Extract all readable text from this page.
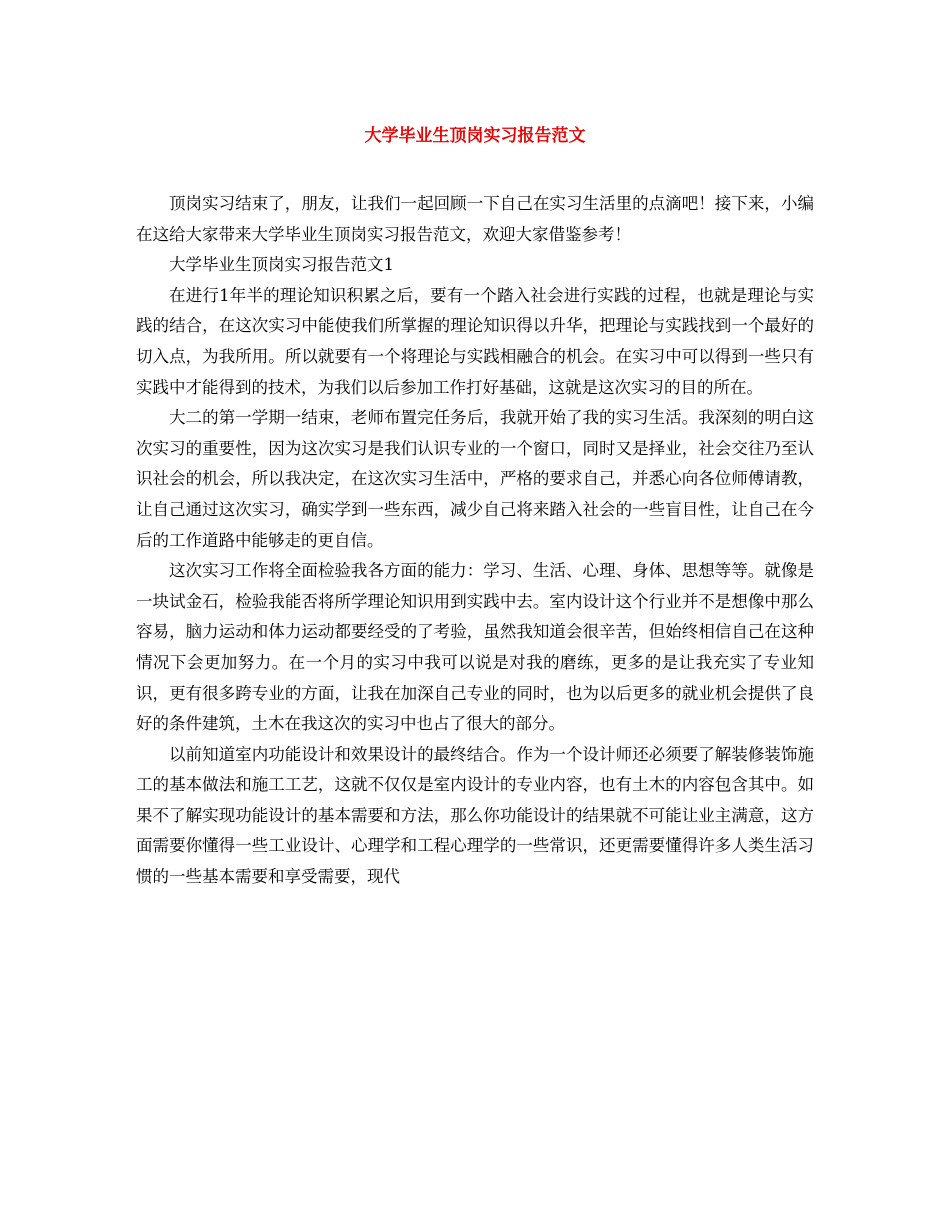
大学毕业生顶岗实习报告范文

顶岗实习结束了，朋友，让我们一起回顾一下自己在实习生活里的点滴吧！接下来，小编在这给大家带来大学毕业生顶岗实习报告范文，欢迎大家借鉴参考！

大学毕业生顶岗实习报告范文1

在进行1年半的理论知识积累之后，要有一个踏入社会进行实践的过程，也就是理论与实践的结合，在这次实习中能使我们所掌握的理论知识得以升华，把理论与实践找到一个最好的切入点，为我所用。所以就要有一个将理论与实践相融合的机会。在实习中可以得到一些只有实践中才能得到的技术，为我们以后参加工作打好基础，这就是这次实习的目的所在。

大二的第一学期一结束，老师布置完任务后，我就开始了我的实习生活。我深刻的明白这次实习的重要性，因为这次实习是我们认识专业的一个窗口，同时又是择业，社会交往乃至认识社会的机会，所以我决定，在这次实习生活中，严格的要求自己，并悉心向各位师傅请教，让自己通过这次实习，确实学到一些东西，减少自己将来踏入社会的一些盲目性，让自己在今后的工作道路中能够走的更自信。

这次实习工作将全面检验我各方面的能力：学习、生活、心理、身体、思想等等。就像是一块试金石，检验我能否将所学理论知识用到实践中去。室内设计这个行业并不是想像中那么容易，脑力运动和体力运动都要经受的了考验，虽然我知道会很辛苦，但始终相信自己在这种情况下会更加努力。在一个月的实习中我可以说是对我的磨练，更多的是让我充实了专业知识，更有很多跨专业的方面，让我在加深自己专业的同时，也为以后更多的就业机会提供了良好的条件建筑，土木在我这次的实习中也占了很大的部分。

以前知道室内功能设计和效果设计的最终结合。作为一个设计师还必须要了解装修装饰施工的基本做法和施工工艺，这就不仅仅是室内设计的专业内容，也有土木的内容包含其中。如果不了解实现功能设计的基本需要和方法，那么你功能设计的结果就不可能让业主满意，这方面需要你懂得一些工业设计、心理学和工程心理学的一些常识，还更需要懂得许多人类生活习惯的一些基本需要和享受需要，现代
